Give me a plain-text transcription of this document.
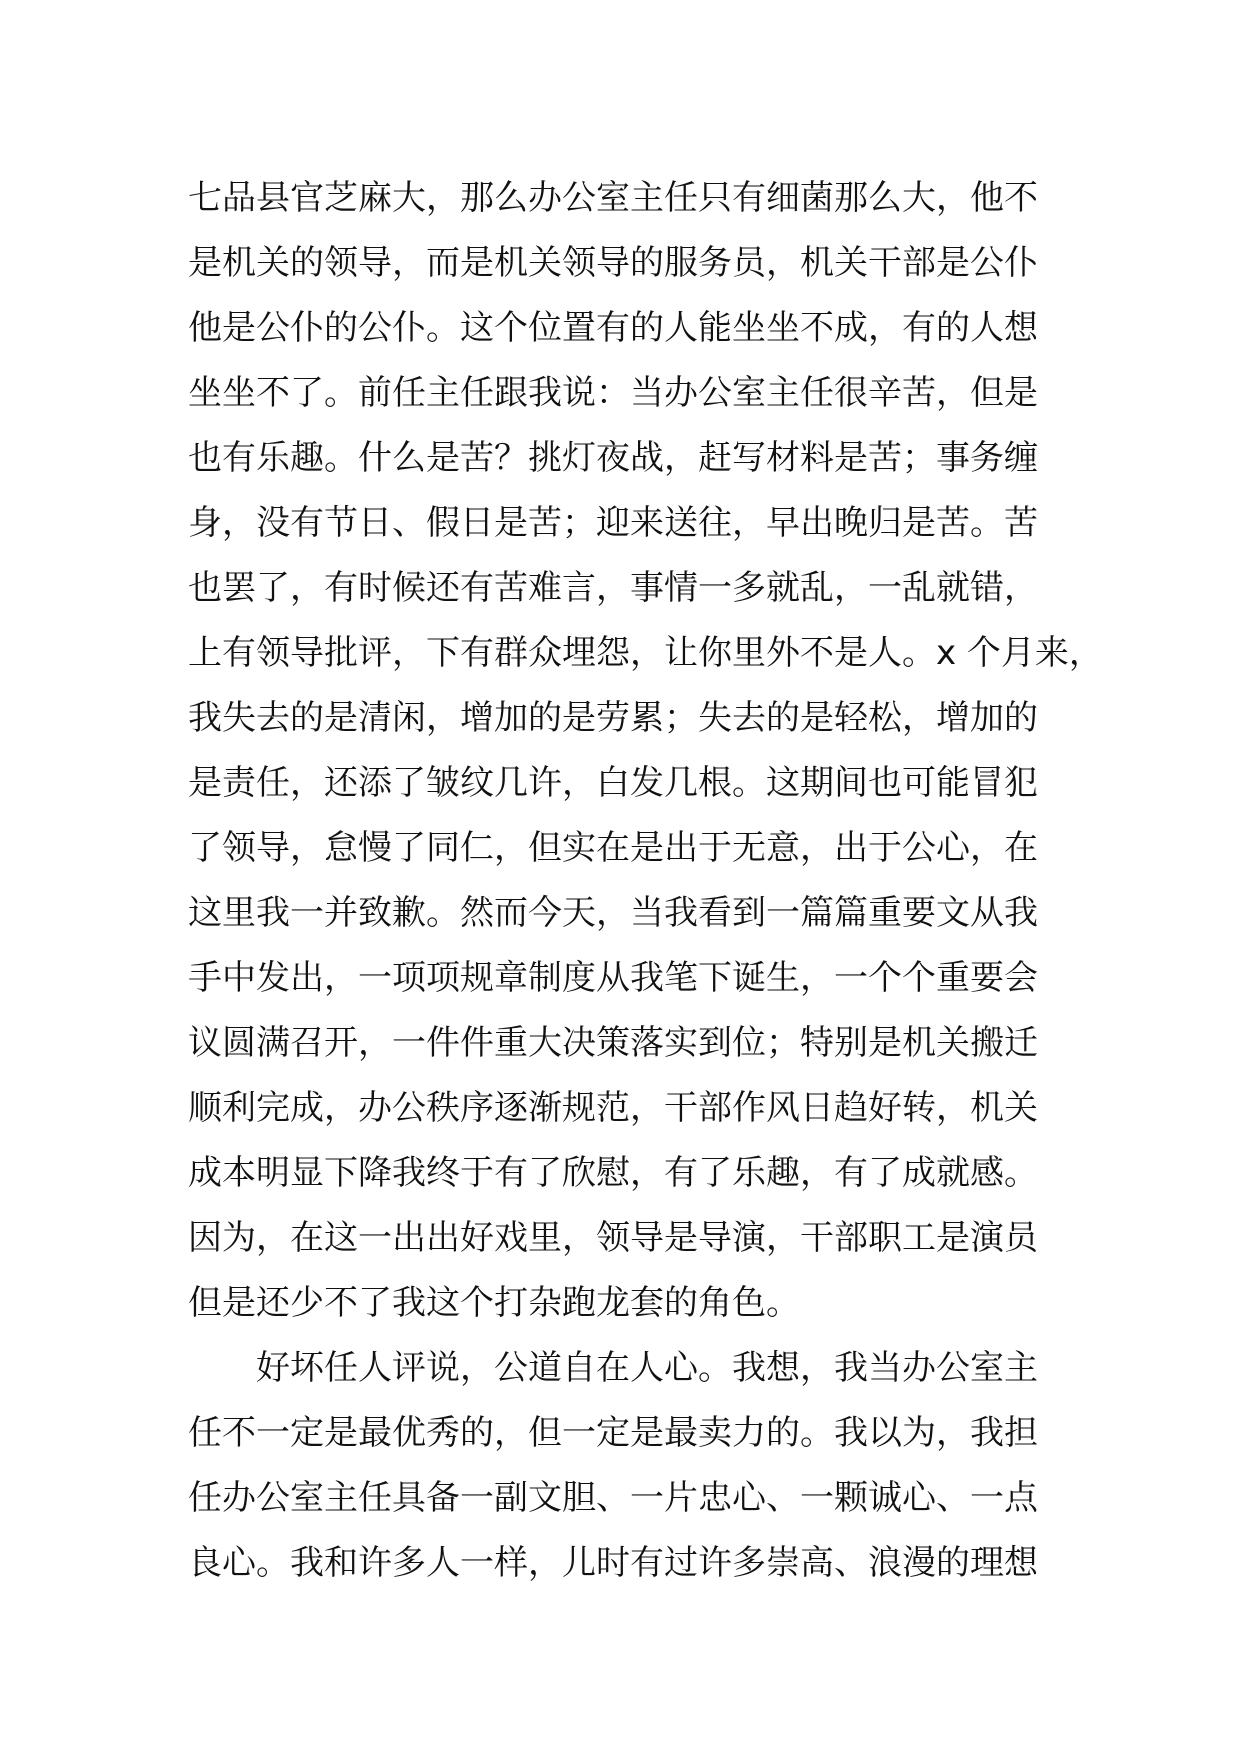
七品县官芝麻大，那么办公室主任只有细菌那么大，他不
是机关的领导，而是机关领导的服务员，机关干部是公仆
他是公仆的公仆。这个位置有的人能坐坐不成，有的人想
坐坐不了。前任主任跟我说：当办公室主任很辛苦，但是
也有乐趣。什么是苦？挑灯夜战，赶写材料是苦；事务缠
身，没有节日、假日是苦；迎来送往，早出晚归是苦。苦
也罢了，有时候还有苦难言，事情一多就乱，一乱就错，
上有领导批评，下有群众埋怨，让你里外不是人。x 个月来，
我失去的是清闲，增加的是劳累；失去的是轻松，增加的
是责任，还添了皱纹几许，白发几根。这期间也可能冒犯
了领导，怠慢了同仁，但实在是出于无意，出于公心，在
这里我一并致歉。然而今天，当我看到一篇篇重要文从我
手中发出，一项项规章制度从我笔下诞生，一个个重要会
议圆满召开，一件件重大决策落实到位；特别是机关搬迁
顺利完成，办公秩序逐渐规范，干部作风日趋好转，机关
成本明显下降我终于有了欣慰，有了乐趣，有了成就感。
因为，在这一出出好戏里，领导是导演，干部职工是演员
但是还少不了我这个打杂跑龙套的角色。
好坏任人评说，公道自在人心。我想，我当办公室主
任不一定是最优秀的，但一定是最卖力的。我以为，我担
任办公室主任具备一副文胆、一片忠心、一颗诚心、一点
良心。我和许多人一样，儿时有过许多崇高、浪漫的理想
